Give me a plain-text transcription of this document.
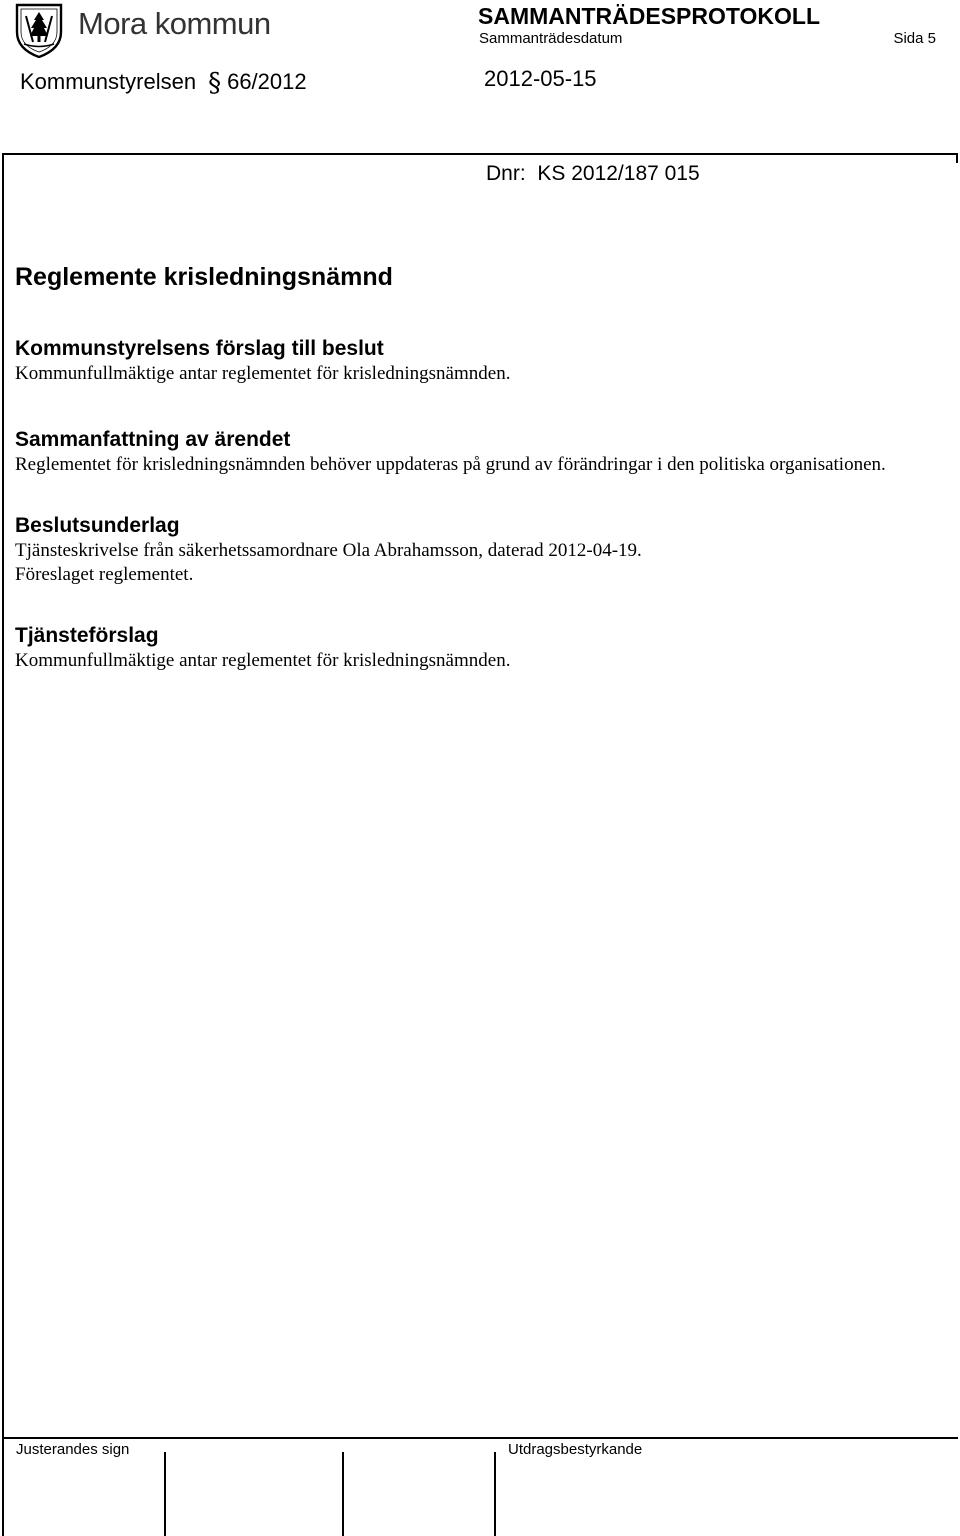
Mora kommun	SAMMANTRÄDESPROTOKOLL
Sammanträdesdatum	Sida 5
Kommunstyrelsen § 66/2012	2012-05-15
Dnr: KS 2012/187 015
Reglemente krisledningsnämnd
Kommunstyrelsens förslag till beslut

Kommunfullmäktige antar reglementet för krisledningsnämnden.

Sammanfattning av ärendet

Reglementet för krisledningsnämnden behöver uppdateras på grund av förändringar i den politiska organisationen.

Beslutsunderlag

Tjänsteskrivelse från säkerhetssamordnare Ola Abrahamsson, daterad 2012-04-19.

Föreslaget reglementet.

Tjänsteförslag

Kommunfullmäktige antar reglementet för krisledningsnämnden.

Justerandes sign	Utdragsbestyrkande
